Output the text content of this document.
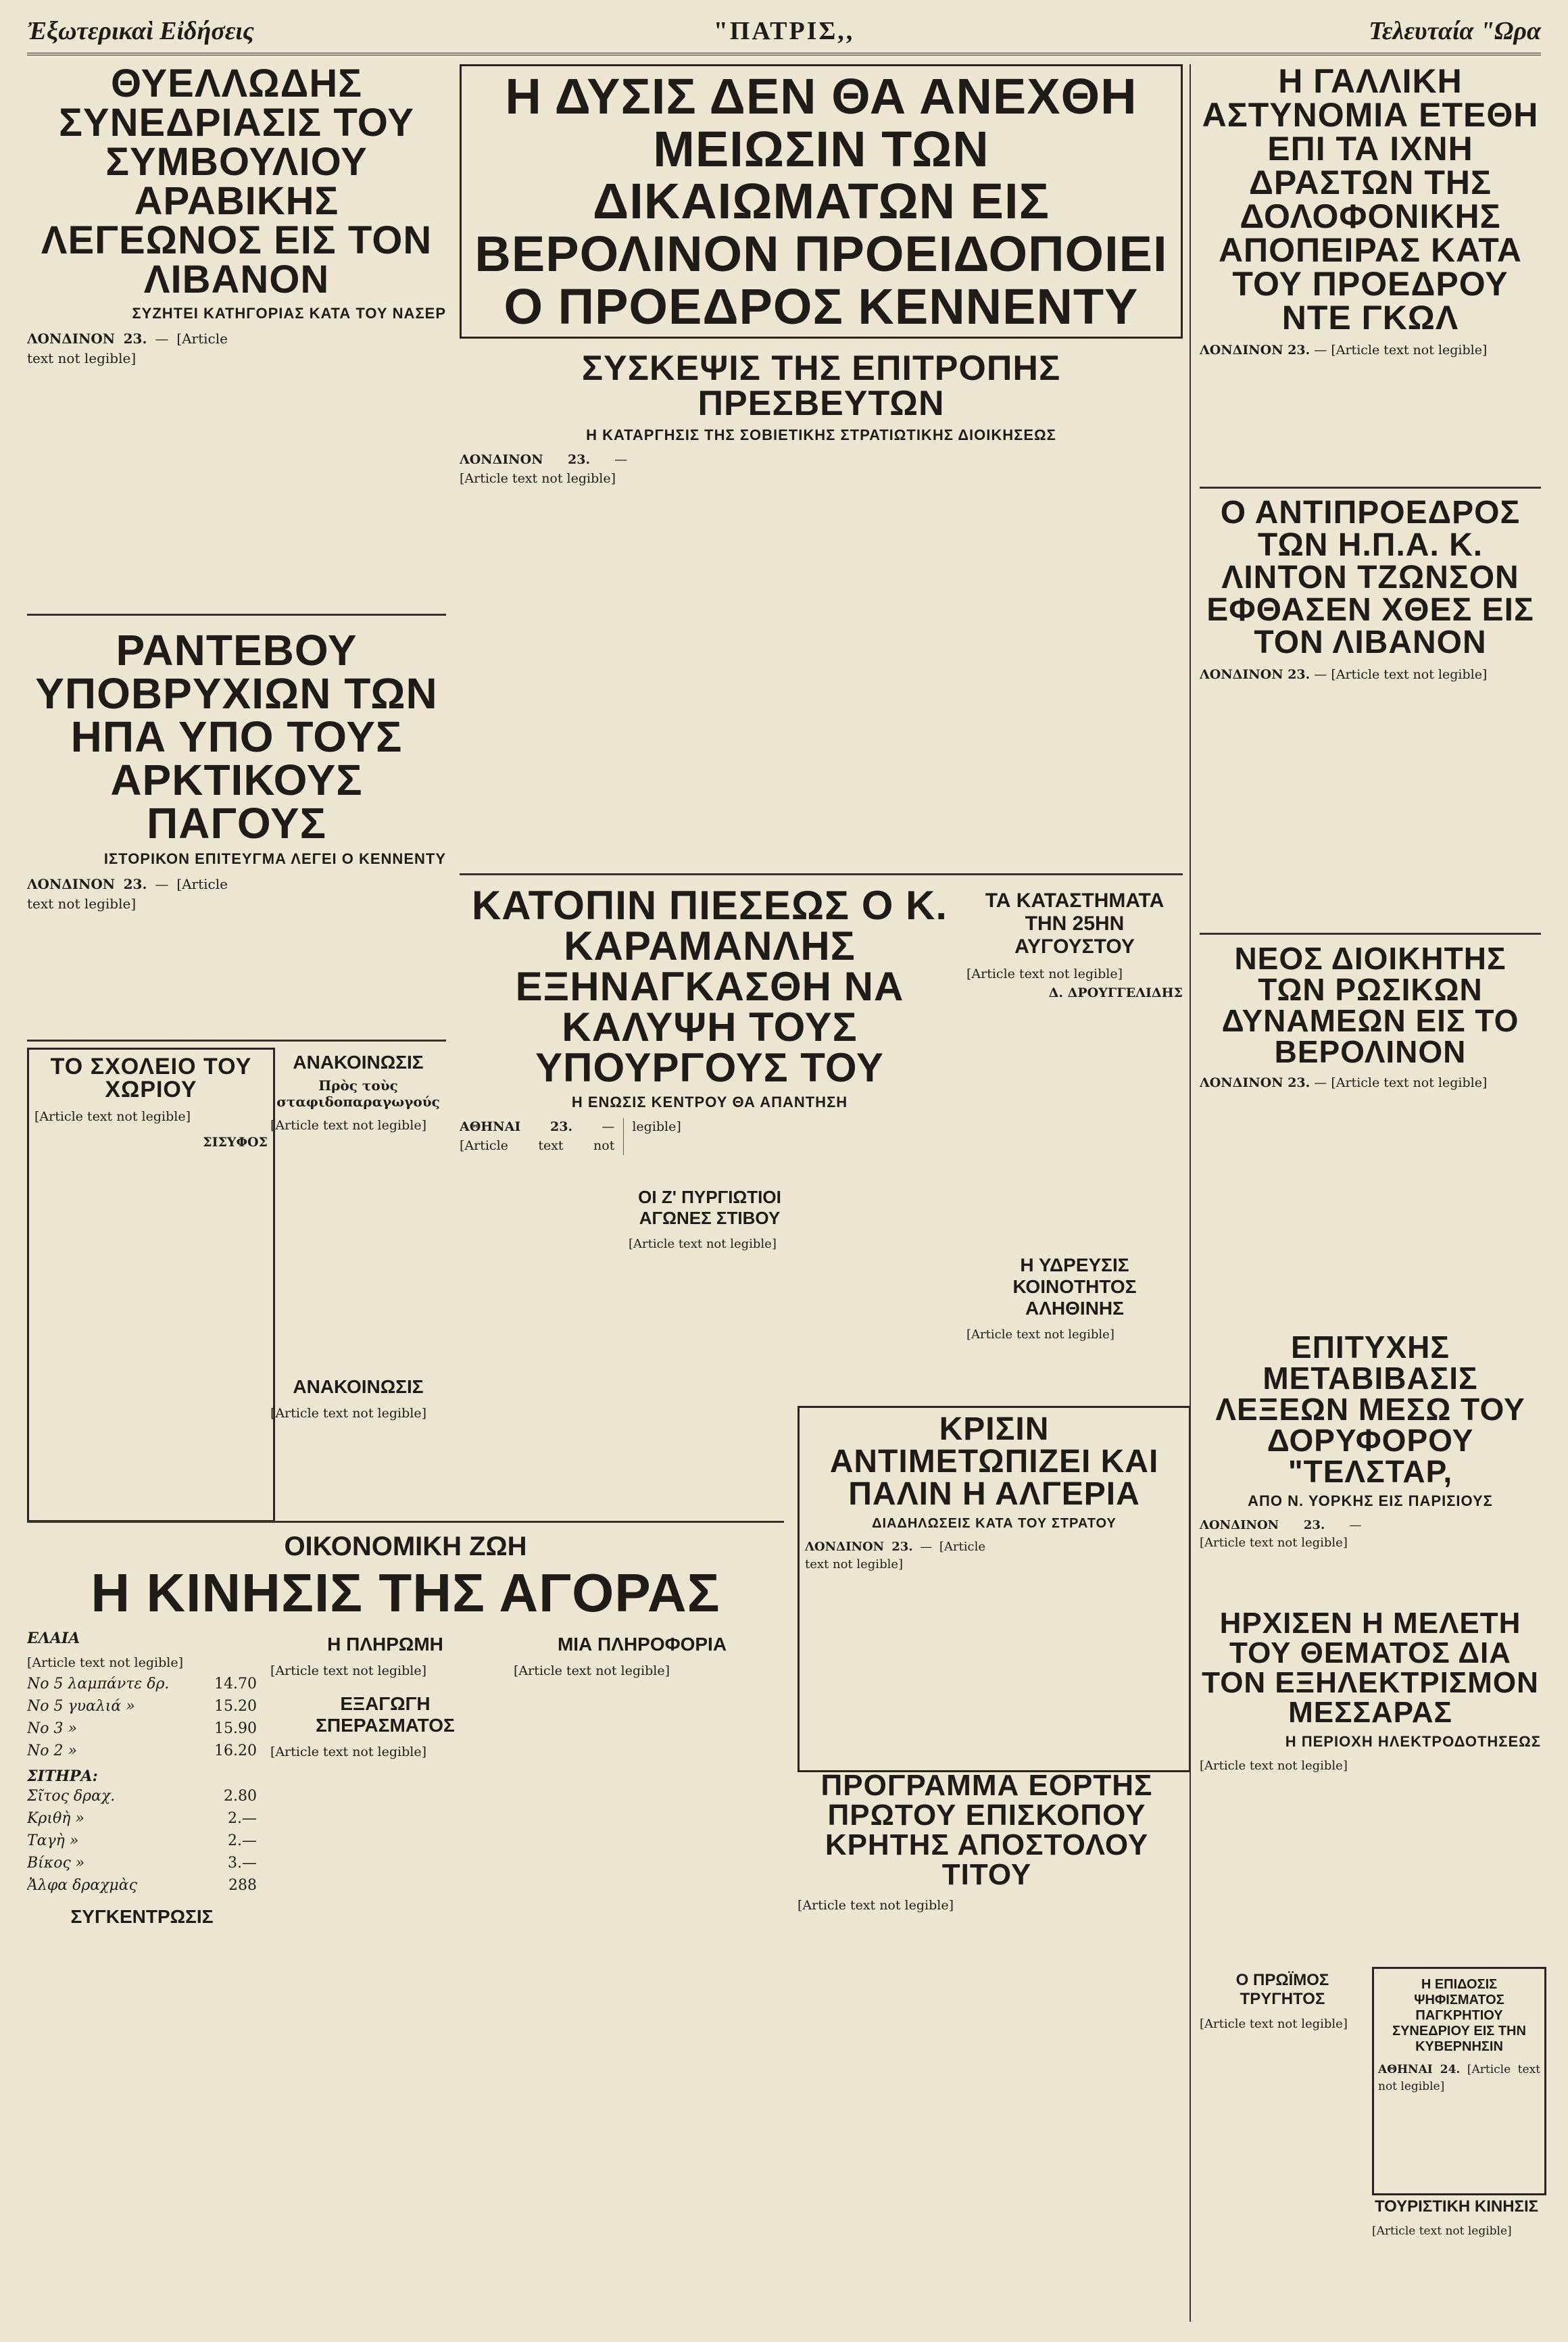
Ἐξωτερικαὶ Εἰδήσεις	"ΠΑΤΡΙΣ,,	Τελευταία "Ωρα
ΘΥΕΛΛΩΔΗΣ ΣΥΝΕΔΡΙΑΣΙΣ ΤΟΥ ΣΥΜΒΟΥΛΙΟΥ ΑΡΑΒΙΚΗΣ ΛΕΓΕΩΝΟΣ ΕΙΣ ΤΟΝ ΛΙΒΑΝΟΝ
ΣΥΖΗΤΕΙ ΚΑΤΗΓΟΡΙΑΣ ΚΑΤΑ ΤΟΥ ΝΑΣΕΡ
ΛΟΝΔΙΝΟΝ 23. — [Article text not legible]
ΡΑΝΤΕΒΟΥ ΥΠΟΒΡΥΧΙΩΝ ΤΩΝ ΗΠΑ ΥΠΟ ΤΟΥΣ ΑΡΚΤΙΚΟΥΣ ΠΑΓΟΥΣ
ΙΣΤΟΡΙΚΟΝ ΕΠΙΤΕΥΓΜΑ ΛΕΓΕΙ Ο ΚΕΝΝΕΝΤΥ
ΛΟΝΔΙΝΟΝ 23. — [Article text not legible]
ΤΟ ΣΧΟΛΕΙΟ ΤΟΥ ΧΩΡΙΟΥ
[Article text not legible]
ΣΙΣΥΦΟΣ
ΑΝΑΚΟΙΝΩΣΙΣ
Πρὸς τοὺς σταφιδοπαραγωγούς
[Article text not legible]
ΑΝΑΚΟΙΝΩΣΙΣ
[Article text not legible]
Η ΔΥΣΙΣ ΔΕΝ ΘΑ ΑΝΕΧΘΗ ΜΕΙΩΣΙΝ ΤΩΝ ΔΙΚΑΙΩΜΑΤΩΝ ΕΙΣ ΒΕΡΟΛΙΝΟΝ ΠΡΟΕΙΔΟΠΟΙΕΙ Ο ΠΡΟΕΔΡΟΣ ΚΕΝΝΕΝΤΥ
ΣΥΣΚΕΨΙΣ ΤΗΣ ΕΠΙΤΡΟΠΗΣ ΠΡΕΣΒΕΥΤΩΝ
Η ΚΑΤΑΡΓΗΣΙΣ ΤΗΣ ΣΟΒΙΕΤΙΚΗΣ ΣΤΡΑΤΙΩΤΙΚΗΣ ΔΙΟΙΚΗΣΕΩΣ
ΛΟΝΔΙΝΟΝ 23. — [Article text not legible]
ΚΑΤΟΠΙΝ ΠΙΕΣΕΩΣ Ο Κ. ΚΑΡΑΜΑΝΛΗΣ ΕΞΗΝΑΓΚΑΣΘΗ ΝΑ ΚΑΛΥΨΗ ΤΟΥΣ ΥΠΟΥΡΓΟΥΣ ΤΟΥ
Η ΕΝΩΣΙΣ ΚΕΝΤΡΟΥ ΘΑ ΑΠΑΝΤΗΣΗ
ΑΘΗΝΑΙ 23. — [Article text not legible]
ΟΙ Ζ' ΠΥΡΓΙΩΤΙΟΙ ΑΓΩΝΕΣ ΣΤΙΒΟΥ
[Article text not legible]
ΚΡΙΣΙΝ ΑΝΤΙΜΕΤΩΠΙΖΕΙ ΚΑΙ ΠΑΛΙΝ Η ΑΛΓΕΡΙΑ
ΔΙΑΔΗΛΩΣΕΙΣ ΚΑΤΑ ΤΟΥ ΣΤΡΑΤΟΥ
ΛΟΝΔΙΝΟΝ 23. — [Article text not legible]
ΤΑ ΚΑΤΑΣΤΗΜΑΤΑ ΤΗΝ 25ΗΝ ΑΥΓΟΥΣΤΟΥ
[Article text not legible]
Δ. ΔΡΟΥΓΓΕΛΙΔΗΣ
Η ΥΔΡΕΥΣΙΣ ΚΟΙΝΟΤΗΤΟΣ ΑΛΗΘΙΝΗΣ
[Article text not legible]
ΟΙΚΟΝΟΜΙΚΗ ΖΩΗ
Η ΚΙΝΗΣΙΣ ΤΗΣ ΑΓΟΡΑΣ
ΕΛΑΙΑ
[Article text not legible]
Νο 5 λαμπάντε δρ.	14.70
Νο 5 γυαλιά »	15.20
Νο 3 »	15.90
Νο 2 »	16.20
ΣΙΤΗΡΑ:
Σῖτος δραχ.	2.80
Κριθὴ »	2.—
Ταγὴ »	2.—
Βίκος »	3.—
Ἀλφα δραχμὰς	288
ΣΥΓΚΕΝΤΡΩΣΙΣ
Η ΠΛΗΡΩΜΗ
[Article text not legible]
ΕΞΑΓΩΓΗ ΣΠΕΡΑΣΜΑΤΟΣ
[Article text not legible]
ΜΙΑ ΠΛΗΡΟΦΟΡΙΑ
[Article text not legible]
ΠΡΟΓΡΑΜΜΑ ΕΟΡΤΗΣ ΠΡΩΤΟΥ ΕΠΙΣΚΟΠΟΥ ΚΡΗΤΗΣ ΑΠΟΣΤΟΛΟΥ ΤΙΤΟΥ
[Article text not legible]
Η ΓΑΛΛΙΚΗ ΑΣΤΥΝΟΜΙΑ ΕΤΕΘΗ ΕΠΙ ΤΑ ΙΧΝΗ ΔΡΑΣΤΩΝ ΤΗΣ ΔΟΛΟΦΟΝΙΚΗΣ ΑΠΟΠΕΙΡΑΣ ΚΑΤΑ ΤΟΥ ΠΡΟΕΔΡΟΥ ΝΤΕ ΓΚΩΛ
ΛΟΝΔΙΝΟΝ 23. — [Article text not legible]
Ο ΑΝΤΙΠΡΟΕΔΡΟΣ ΤΩΝ Η.Π.Α. Κ. ΛΙΝΤΟΝ ΤΖΩΝΣΟΝ ΕΦΘΑΣΕΝ ΧΘΕΣ ΕΙΣ ΤΟΝ ΛΙΒΑΝΟΝ
ΛΟΝΔΙΝΟΝ 23. — [Article text not legible]
ΝΕΟΣ ΔΙΟΙΚΗΤΗΣ ΤΩΝ ΡΩΣΙΚΩΝ ΔΥΝΑΜΕΩΝ ΕΙΣ ΤΟ ΒΕΡΟΛΙΝΟΝ
ΛΟΝΔΙΝΟΝ 23. — [Article text not legible]
ΕΠΙΤΥΧΗΣ ΜΕΤΑΒΙΒΑΣΙΣ ΛΕΞΕΩΝ ΜΕΣΩ ΤΟΥ ΔΟΡΥΦΟΡΟΥ "ΤΕΛΣΤΑΡ,
ΑΠΟ Ν. ΥΟΡΚΗΣ ΕΙΣ ΠΑΡΙΣΙΟΥΣ
ΛΟΝΔΙΝΟΝ 23. — [Article text not legible]
ΗΡΧΙΣΕΝ Η ΜΕΛΕΤΗ ΤΟΥ ΘΕΜΑΤΟΣ ΔΙΑ ΤΟΝ ΕΞΗΛΕΚΤΡΙΣΜΟΝ ΜΕΣΣΑΡΑΣ
Η ΠΕΡΙΟΧΗ ΗΛΕΚΤΡΟΔΟΤΗΣΕΩΣ
[Article text not legible]
Ο ΠΡΩΪΜΟΣ ΤΡΥΓΗΤΟΣ
[Article text not legible]
Η ΕΠΙΔΟΣΙΣ ΨΗΦΙΣΜΑΤΟΣ ΠΑΓΚΡΗΤΙΟΥ ΣΥΝΕΔΡΙΟΥ ΕΙΣ ΤΗΝ ΚΥΒΕΡΝΗΣΙΝ
ΑΘΗΝΑΙ 24. [Article text not legible]
ΤΟΥΡΙΣΤΙΚΗ ΚΙΝΗΣΙΣ
[Article text not legible]
